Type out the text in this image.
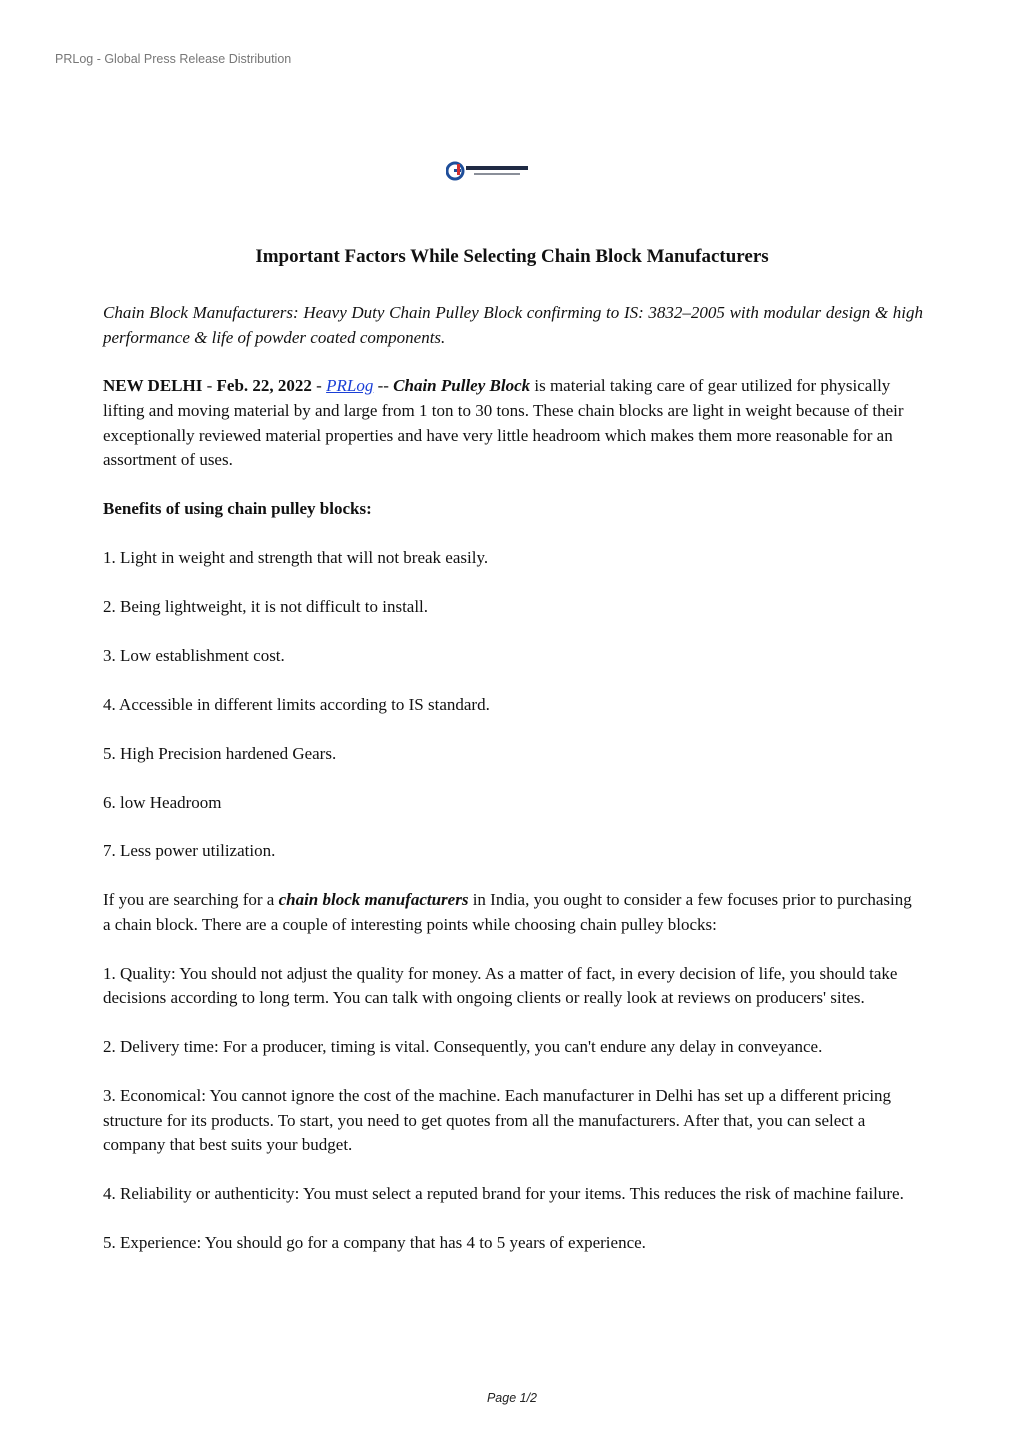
PRLog - Global Press Release Distribution
Important Factors While Selecting Chain Block Manufacturers

Chain Block Manufacturers: Heavy Duty Chain Pulley Block confirming to IS: 3832–2005 with modular design & high performance & life of powder coated components.

NEW DELHI - Feb. 22, 2022 - PRLog -- Chain Pulley Block is material taking care of gear utilized for physically lifting and moving material by and large from 1 ton to 30 tons. These chain blocks are light in weight because of their exceptionally reviewed material properties and have very little headroom which makes them more reasonable for an assortment of uses.

Benefits of using chain pulley blocks:

1. Light in weight and strength that will not break easily.

2. Being lightweight, it is not difficult to install.

3. Low establishment cost.

4. Accessible in different limits according to IS standard.

5. High Precision hardened Gears.

6. low Headroom

7. Less power utilization.

If you are searching for a chain block manufacturers in India, you ought to consider a few focuses prior to purchasing a chain block. There are a couple of interesting points while choosing chain pulley blocks:

1. Quality: You should not adjust the quality for money. As a matter of fact, in every decision of life, you should take decisions according to long term. You can talk with ongoing clients or really look at reviews on producers' sites.

2. Delivery time: For a producer, timing is vital. Consequently, you can't endure any delay in conveyance.

3. Economical: You cannot ignore the cost of the machine. Each manufacturer in Delhi has set up a different pricing structure for its products. To start, you need to get quotes from all the manufacturers. After that, you can select a company that best suits your budget.

4. Reliability or authenticity: You must select a reputed brand for your items. This reduces the risk of machine failure.

5. Experience: You should go for a company that has 4 to 5 years of experience.

Page 1/2
